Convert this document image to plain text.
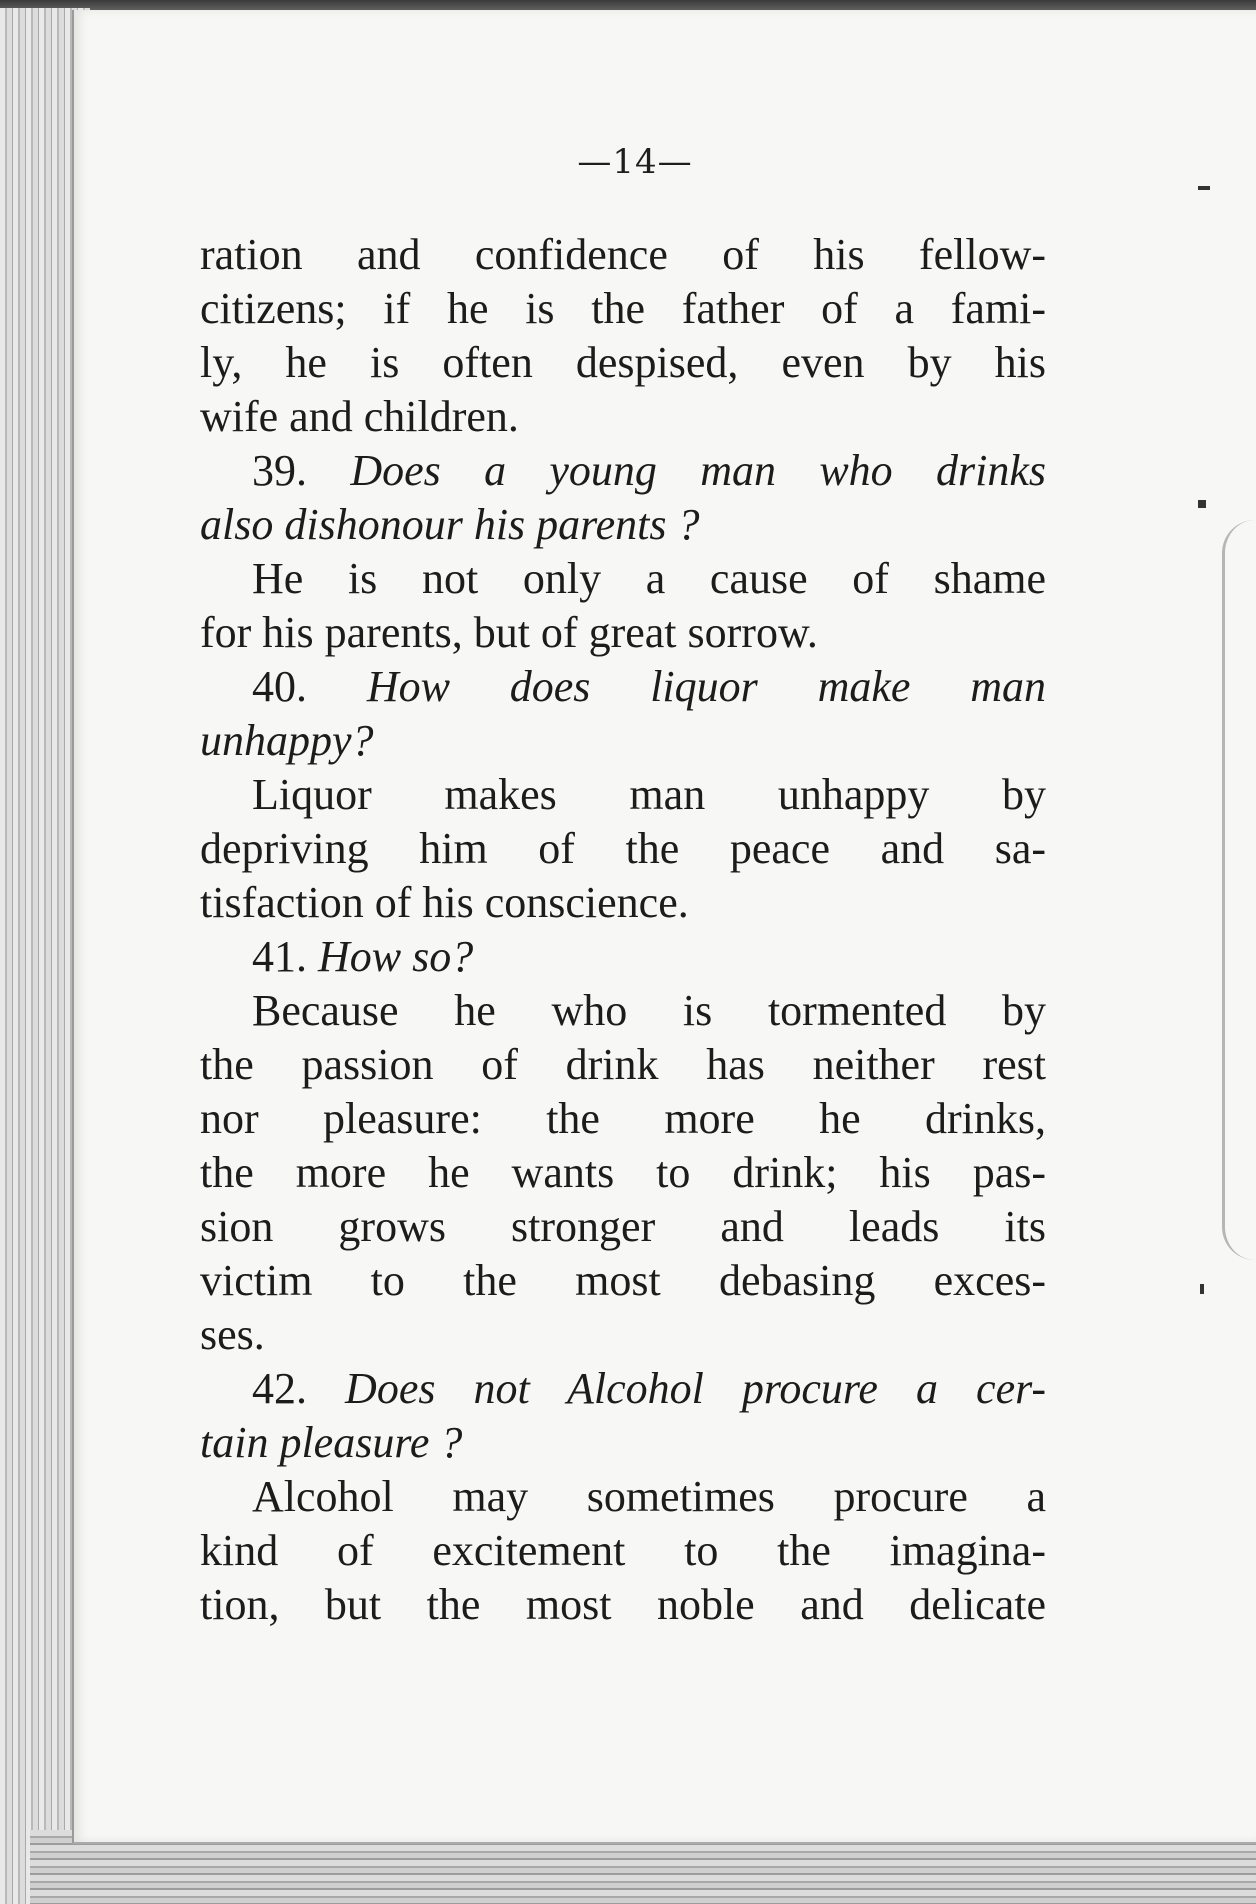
—14—
ration and confidence of his fellow-
citizens; if he is the father of a fami-
ly, he is often despised, even by his
wife and children.
39. Does a young man who drinks
also dishonour his parents ?
He is not only a cause of shame
for his parents, but of great sorrow.
40. How does liquor make man
unhappy?
Liquor makes man unhappy by
depriving him of the peace and sa-
tisfaction of his conscience.
41. How so?
Because he who is tormented by
the passion of drink has neither rest
nor pleasure: the more he drinks,
the more he wants to drink; his pas-
sion grows stronger and leads its
victim to the most debasing exces-
ses.
42. Does not Alcohol procure a cer-
tain pleasure ?
Alcohol may sometimes procure a
kind of excitement to the imagina-
tion, but the most noble and delicate
